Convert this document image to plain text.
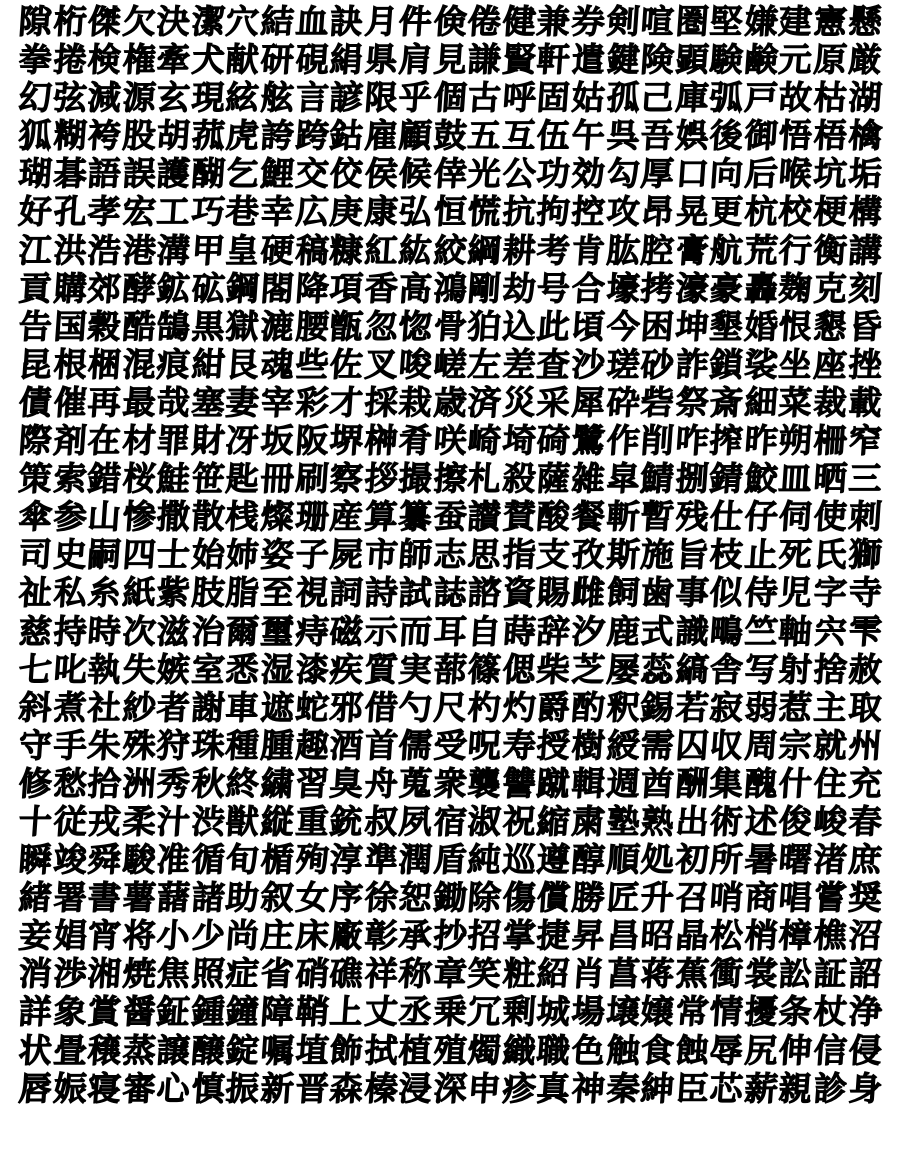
隙
桁
傑
欠
決
潔
穴
結
血
訣
月
件
倹
倦
健
兼
券
剣
喧
圏
堅
嫌
建
憲
懸
拳
捲
検
権
牽
犬
献
研
硯
絹
県
肩
見
謙
賢
軒
遣
鍵
険
顕
験
鹸
元
原
厳
幻
弦
減
源
玄
現
絃
舷
言
諺
限
乎
個
古
呼
固
姑
孤
己
庫
弧
戸
故
枯
湖
狐
糊
袴
股
胡
菰
虎
誇
跨
鈷
雇
顧
鼓
五
互
伍
午
呉
吾
娯
後
御
悟
梧
檎
瑚
碁
語
誤
護
醐
乞
鯉
交
佼
侯
候
倖
光
公
功
効
勾
厚
口
向
后
喉
坑
垢
好
孔
孝
宏
工
巧
巷
幸
広
庚
康
弘
恒
慌
抗
拘
控
攻
昂
晃
更
杭
校
梗
構
江
洪
浩
港
溝
甲
皇
硬
稿
糠
紅
紘
絞
綱
耕
考
肯
肱
腔
膏
航
荒
行
衡
講
貢
購
郊
酵
鉱
砿
鋼
閤
降
項
香
高
鴻
剛
劫
号
合
壕
拷
濠
豪
轟
麹
克
刻
告
国
穀
酷
鵠
黒
獄
漉
腰
甑
忽
惚
骨
狛
込
此
頃
今
困
坤
墾
婚
恨
懇
昏
昆
根
梱
混
痕
紺
艮
魂
些
佐
叉
唆
嵯
左
差
査
沙
瑳
砂
詐
鎖
裟
坐
座
挫
債
催
再
最
哉
塞
妻
宰
彩
才
採
栽
歳
済
災
采
犀
砕
砦
祭
斎
細
菜
裁
載
際
剤
在
材
罪
財
冴
坂
阪
堺
榊
肴
咲
崎
埼
碕
鷺
作
削
咋
搾
昨
朔
柵
窄
策
索
錯
桜
鮭
笹
匙
冊
刷
察
拶
撮
擦
札
殺
薩
雑
皐
鯖
捌
錆
鮫
皿
晒
三
傘
参
山
惨
撒
散
桟
燦
珊
産
算
纂
蚕
讃
賛
酸
餐
斬
暫
残
仕
仔
伺
使
刺
司
史
嗣
四
士
始
姉
姿
子
屍
市
師
志
思
指
支
孜
斯
施
旨
枝
止
死
氏
獅
祉
私
糸
紙
紫
肢
脂
至
視
詞
詩
試
誌
諮
資
賜
雌
飼
歯
事
似
侍
児
字
寺
慈
持
時
次
滋
治
爾
璽
痔
磁
示
而
耳
自
蒔
辞
汐
鹿
式
識
鴫
竺
軸
宍
雫
七
叱
執
失
嫉
室
悉
湿
漆
疾
質
実
蔀
篠
偲
柴
芝
屡
蕊
縞
舎
写
射
捨
赦
斜
煮
社
紗
者
謝
車
遮
蛇
邪
借
勺
尺
杓
灼
爵
酌
釈
錫
若
寂
弱
惹
主
取
守
手
朱
殊
狩
珠
種
腫
趣
酒
首
儒
受
呪
寿
授
樹
綬
需
囚
収
周
宗
就
州
修
愁
拾
洲
秀
秋
終
繍
習
臭
舟
蒐
衆
襲
讐
蹴
輯
週
酋
酬
集
醜
什
住
充
十
従
戎
柔
汁
渋
獣
縦
重
銃
叔
夙
宿
淑
祝
縮
粛
塾
熟
出
術
述
俊
峻
春
瞬
竣
舜
駿
准
循
旬
楯
殉
淳
準
潤
盾
純
巡
遵
醇
順
処
初
所
暑
曙
渚
庶
緒
署
書
薯
藷
諸
助
叙
女
序
徐
恕
鋤
除
傷
償
勝
匠
升
召
哨
商
唱
嘗
奨
妾
娼
宵
将
小
少
尚
庄
床
廠
彰
承
抄
招
掌
捷
昇
昌
昭
晶
松
梢
樟
樵
沼
消
渉
湘
焼
焦
照
症
省
硝
礁
祥
称
章
笑
粧
紹
肖
菖
蒋
蕉
衝
裳
訟
証
詔
詳
象
賞
醤
鉦
鍾
鐘
障
鞘
上
丈
丞
乗
冗
剰
城
場
壌
嬢
常
情
擾
条
杖
浄
状
畳
穣
蒸
譲
醸
錠
嘱
埴
飾
拭
植
殖
燭
織
職
色
触
食
蝕
辱
尻
伸
信
侵
唇
娠
寝
審
心
慎
振
新
晋
森
榛
浸
深
申
疹
真
神
秦
紳
臣
芯
薪
親
診
身
